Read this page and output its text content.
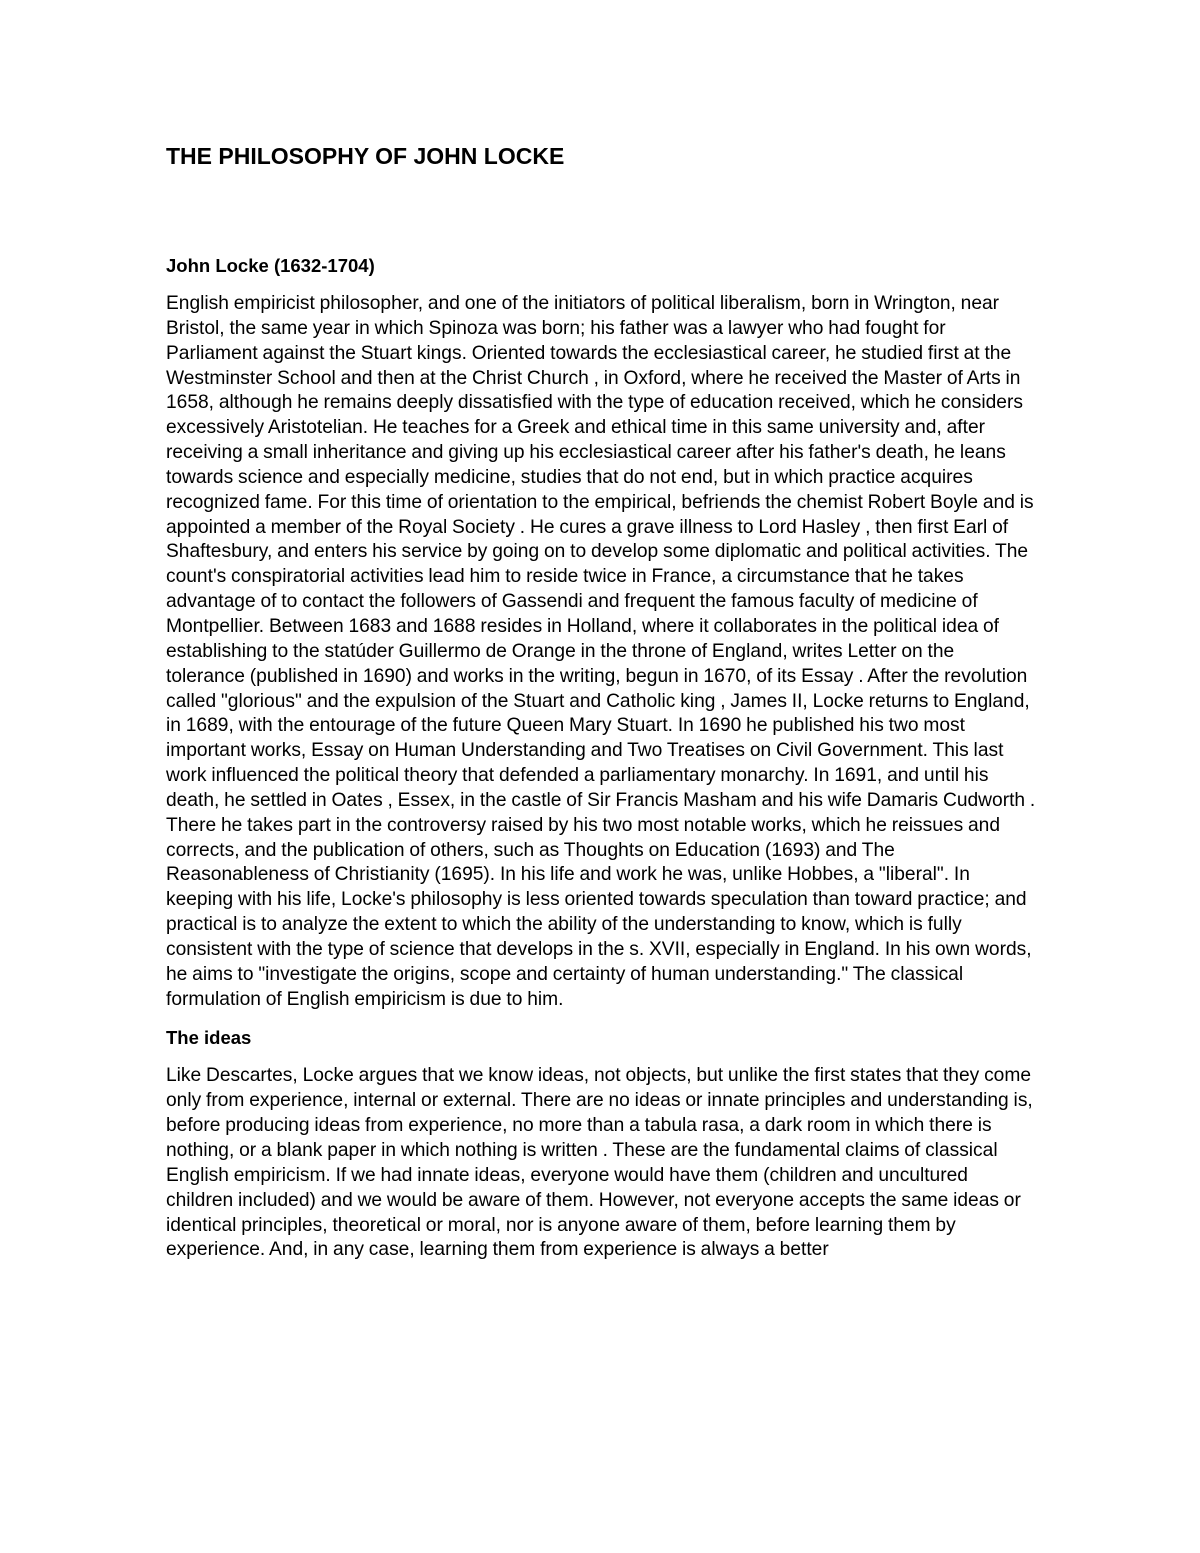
THE PHILOSOPHY OF JOHN LOCKE
John Locke (1632-1704)

English empiricist philosopher, and one of the initiators of political liberalism, born in Wrington, near Bristol, the same year in which Spinoza was born; his father was a lawyer who had fought for Parliament against the Stuart kings. Oriented towards the ecclesiastical career, he studied first at the Westminster School and then at the Christ Church , in Oxford, where he received the Master of Arts in 1658, although he remains deeply dissatisfied with the type of education received, which he considers excessively Aristotelian. He teaches for a Greek and ethical time in this same university and, after receiving a small inheritance and giving up his ecclesiastical career after his father's death, he leans towards science and especially medicine, studies that do not end, but in which practice acquires recognized fame. For this time of orientation to the empirical, befriends the chemist Robert Boyle and is appointed a member of the Royal Society . He cures a grave illness to Lord Hasley , then first Earl of Shaftesbury, and enters his service by going on to develop some diplomatic and political activities. The count's conspiratorial activities lead him to reside twice in France, a circumstance that he takes advantage of to contact the followers of Gassendi and frequent the famous faculty of medicine of Montpellier. Between 1683 and 1688 resides in Holland, where it collaborates in the political idea of establishing to the statúder Guillermo de Orange in the throne of England, writes Letter on the tolerance (published in 1690) and works in the writing, begun in 1670, of its Essay . After the revolution called "glorious" and the expulsion of the Stuart and Catholic king , James II, Locke returns to England, in 1689, with the entourage of the future Queen Mary Stuart. In 1690 he published his two most important works, Essay on Human Understanding and Two Treatises on Civil Government. This last work influenced the political theory that defended a parliamentary monarchy. In 1691, and until his death, he settled in Oates , Essex, in the castle of Sir Francis Masham and his wife Damaris Cudworth . There he takes part in the controversy raised by his two most notable works, which he reissues and corrects, and the publication of others, such as Thoughts on Education (1693) and The Reasonableness of Christianity (1695). In his life and work he was, unlike Hobbes, a "liberal". In keeping with his life, Locke's philosophy is less oriented towards speculation than toward practice; and practical is to analyze the extent to which the ability of the understanding to know, which is fully consistent with the type of science that develops in the s. XVII, especially in England. In his own words, he aims to "investigate the origins, scope and certainty of human understanding." The classical formulation of English empiricism is due to him.

The ideas

Like Descartes, Locke argues that we know ideas, not objects, but unlike the first states that they come only from experience, internal or external. There are no ideas or innate principles and understanding is, before producing ideas from experience, no more than a tabula rasa, a dark room in which there is nothing, or a blank paper in which nothing is written . These are the fundamental claims of classical English empiricism. If we had innate ideas, everyone would have them (children and uncultured children included) and we would be aware of them. However, not everyone accepts the same ideas or identical principles, theoretical or moral, nor is anyone aware of them, before learning them by experience. And, in any case, learning them from experience is always a better
